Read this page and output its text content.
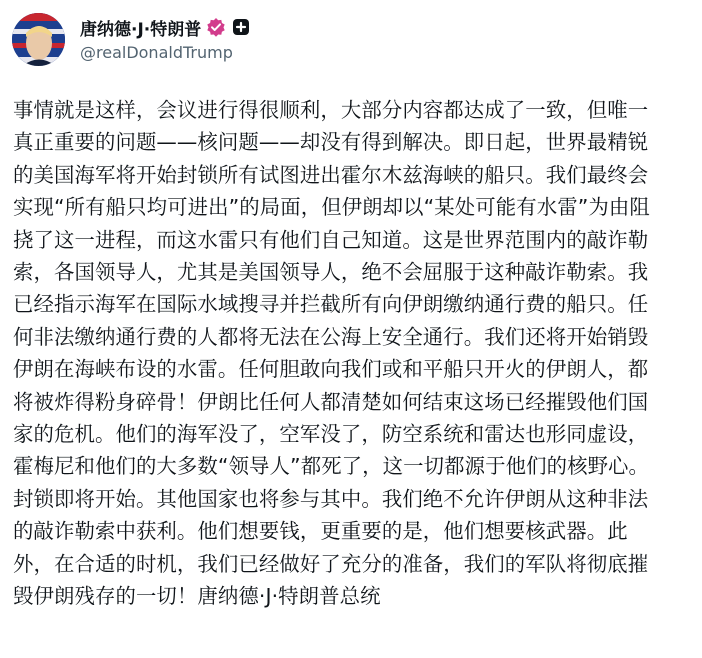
唐纳德·J·特朗普
@realDonaldTrump
事情就是这样，会议进行得很顺利，大部分内容都达成了一致，但唯一
真正重要的问题——核问题——却没有得到解决。即日起，世界最精锐
的美国海军将开始封锁所有试图进出霍尔木兹海峡的船只。我们最终会
实现“所有船只均可进出”的局面，但伊朗却以“某处可能有水雷”为由阻
挠了这一进程，而这水雷只有他们自己知道。这是世界范围内的敲诈勒
索，各国领导人，尤其是美国领导人，绝不会屈服于这种敲诈勒索。我
已经指示海军在国际水域搜寻并拦截所有向伊朗缴纳通行费的船只。任
何非法缴纳通行费的人都将无法在公海上安全通行。我们还将开始销毁
伊朗在海峡布设的水雷。任何胆敢向我们或和平船只开火的伊朗人，都
将被炸得粉身碎骨！伊朗比任何人都清楚如何结束这场已经摧毁他们国
家的危机。他们的海军没了，空军没了，防空系统和雷达也形同虚设，
霍梅尼和他们的大多数“领导人”都死了，这一切都源于他们的核野心。
封锁即将开始。其他国家也将参与其中。我们绝不允许伊朗从这种非法
的敲诈勒索中获利。他们想要钱，更重要的是，他们想要核武器。此
外，在合适的时机，我们已经做好了充分的准备，我们的军队将彻底摧
毁伊朗残存的一切！唐纳德·J·特朗普总统
